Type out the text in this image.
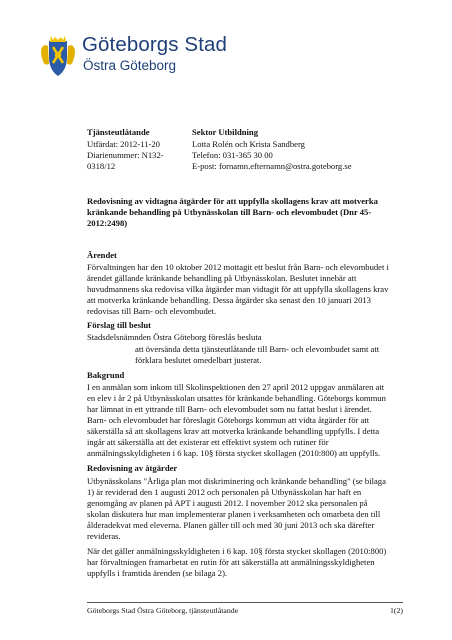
Göteborgs Stad
Östra Göteborg
Tjänsteutlåtande
Utfärdat: 2012-11-20
Diarienummer: N132-
0318/12
Sektor Utbildning
Lotta Rolén och Krista Sandberg
Telefon: 031-365 30 00
E-post: fornamn.efternamn@ostra.goteborg.se
Redovisning av vidtagna åtgärder för att uppfylla skollagens krav att motverka
kränkande behandling på Utbynässkolan till Barn- och elevombudet (Dnr 45-
2012:2498)
Ärendet
Förvaltningen har den 10 oktober 2012 mottagit ett beslut från Barn- och elevombudet i
ärendet gällande kränkande behandling på Utbynässkolan. Beslutet innebär att
huvudmannens ska redovisa vilka åtgärder man vidtagit för att uppfylla skollagens krav
att motverka kränkande behandling. Dessa åtgärder ska senast den 10 januari 2013
redovisas till Barn- och elevombudet.
Förslag till beslut
Stadsdelsnämnden Östra Göteborg föreslås besluta
att översända detta tjänsteutlåtande till Barn- och elevombudet samt att
förklara beslutet omedelbart justerat.
Bakgrund
I en anmälan som inkom till Skolinspektionen den 27 april 2012 uppgav anmälaren att
en elev i år 2 på Utbynässkolan utsattes för kränkande behandling. Göteborgs kommun
har lämnat in ett yttrande till Barn- och elevombudet som nu fattat beslut i ärendet.
Barn- och elevombudet har föreslagit Göteborgs kommun att vidta åtgärder för att
säkerställa så att skollagens krav att motverka kränkande behandling uppfylls. I detta
ingår att säkerställa att det existerar ett effektivt system och rutiner för
anmälningsskyldigheten i 6 kap. 10§ första stycket skollagen (2010:800) att uppfylls.
Redovisning av åtgärder
Utbynässkolans "Årliga plan mot diskriminering och kränkande behandling" (se bilaga
1) är reviderad den 1 augusti 2012 och personalen på Utbynässkolan har haft en
genomgång av planen på APT i augusti 2012. I november 2012 ska personalen på
skolan diskutera hur man implementerar planen i verksamheten och omarbeta den till
ålderadekvat med eleverna. Planen gäller till och med 30 juni 2013 och ska därefter
revideras.
När det gäller anmälningsskyldigheten i 6 kap. 10§ första stycket skollagen (2010:800)
har förvaltningen framarbetat en rutin för att säkerställa att anmälningsskyldigheten
uppfylls i framtida ärenden (se bilaga 2).
Göteborgs Stad Östra Göteborg, tjänsteutlåtande	1(2)
